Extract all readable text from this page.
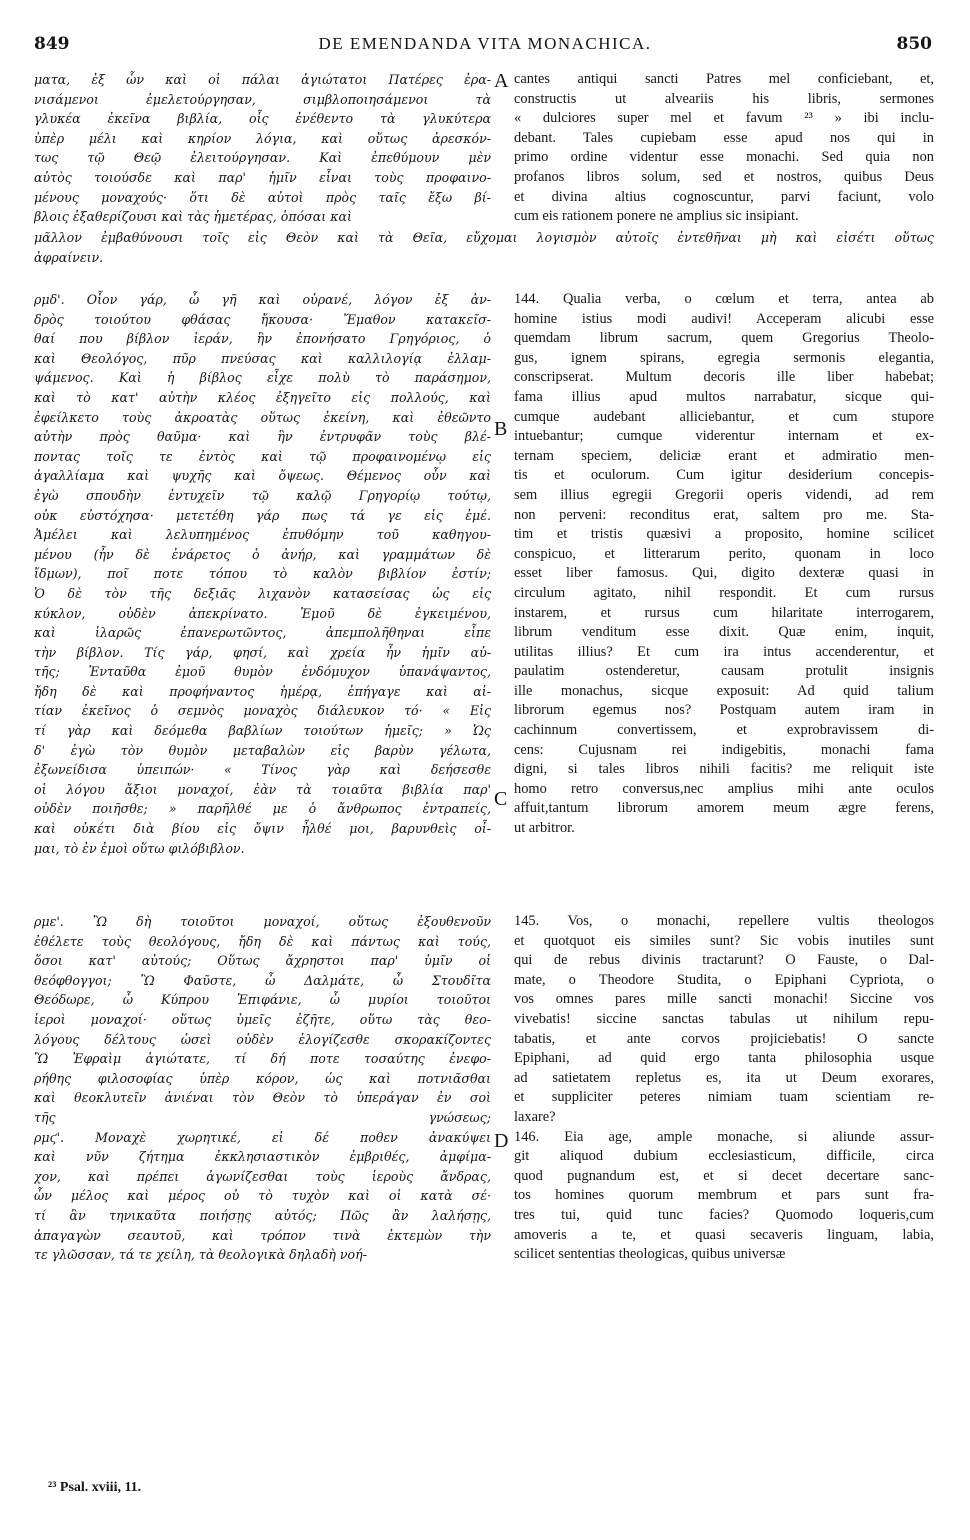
849	DE EMENDANDA VITA MONACHICA.	850
A
B
C
D
ματα, ἐξ ὧν καὶ οἱ πάλαι ἁγιώτατοι Πατέρες ἐρα-
νισάμενοι ἐμελετούργησαν, σιμβλοποιησάμενοι τὰ
γλυκέα ἐκεῖνα βιβλία, οἷς ἐνέθεντο τὰ γλυκύτερα
ὑπὲρ μέλι καὶ κηρίον λόγια, καὶ οὕτως ἀρεσκόν-
τως τῷ Θεῷ ἐλειτούργησαν. Καὶ ἐπεθύμουν μὲν
αὐτὸς τοιούσδε καὶ παρ' ἡμῖν εἶναι τοὺς προφαινο-
μένους μοναχούς· ὅτι δὲ αὐτοὶ πρὸς ταῖς ἔξω βί-
βλοις ἐξαθερίζουσι καὶ τὰς ἡμετέρας, ὁπόσαι καὶ
cantes antiqui sancti Patres mel conficiebant, et,
constructis ut alveariis his libris, sermones
« dulciores super mel et favum ²³ » ibi inclu-
debant. Tales cupiebam esse apud nos qui in
primo ordine videntur esse monachi. Sed quia non
profanos libros solum, sed et nostros, quibus Deus
et divina altius cognoscuntur, parvi faciunt, volo
cum eis rationem ponere ne amplius sic insipiant.
μᾶλλον ἐμβαθύνουσι τοῖς εἰς Θεὸν καὶ τὰ Θεῖα, εὔχομαι λογισμὸν αὐτοῖς ἐντεθῆναι μὴ καὶ εἰσέτι οὕτως
ἀφραίνειν.
ρμδ'. Οἷον γάρ, ὦ γῆ καὶ οὐρανέ, λόγον ἐξ ἀν-
δρὸς τοιούτου φθάσας ἤκουσα· Ἔμαθον κατακεῖσ-
θαί που βίβλον ἱεράν, ἣν ἐπονήσατο Γρηγόριος, ὁ
καὶ Θεολόγος, πῦρ πνεύσας καὶ καλλιλογίᾳ ἐλλαμ-
ψάμενος. Καὶ ἡ βίβλος εἶχε πολὺ τὸ παράσημον,
καὶ τὸ κατ' αὐτὴν κλέος ἐξηγεῖτο εἰς πολλούς, καὶ
ἐφείλκετο τοὺς ἀκροατὰς οὕτως ἐκείνη, καὶ ἐθεῶντο
αὐτὴν πρὸς θαῦμα· καὶ ἣν ἐντρυφᾶν τοὺς βλέ-
ποντας τοῖς τε ἐντὸς καὶ τῷ προφαινομένῳ εἰς
ἀγαλλίαμα καὶ ψυχῆς καὶ ὄψεως. Θέμενος οὖν καὶ
ἐγὼ σπουδὴν ἐντυχεῖν τῷ καλῷ Γρηγορίῳ τούτῳ,
οὐκ εὐστόχησα· μετετέθη γάρ πως τά γε εἰς ἐμέ.
Ἀμέλει καὶ λελυπημένος ἐπυθόμην τοῦ καθηγου-
μένου (ἦν δὲ ἐνάρετος ὁ ἀνήρ, καὶ γραμμάτων δὲ
ἴδμων), ποῖ ποτε τόπου τὸ καλὸν βιβλίον ἐστίν;
Ὁ δὲ τὸν τῆς δεξιᾶς λιχανὸν κατασείσας ὡς εἰς
κύκλον, οὐδὲν ἀπεκρίνατο. Ἐμοῦ δὲ ἐγκειμένου,
καὶ ἱλαρῶς ἐπανερωτῶντος, ἀπεμπολῆθηναι εἶπε
τὴν βίβλον. Τίς γάρ, φησί, καὶ χρεία ἦν ἡμῖν αὐ-
τῆς; Ἐνταῦθα ἐμοῦ θυμὸν ἐνδόμυχον ὑπανάψαντος,
ἤδη δὲ καὶ προφήναντος ἡμέρᾳ, ἐπήγαγε καὶ αἰ-
τίαν ἐκεῖνος ὁ σεμνὸς μοναχὸς διάλευκον τό· « Εἰς
τί γὰρ καὶ δεόμεθα βαβλίων τοιούτων ἡμεῖς; » Ὡς
δ' ἐγὼ τὸν θυμὸν μεταβαλὼν εἰς βαρὺν γέλωτα,
ἐξωνείδισα ὑπειπών· « Τίνος γὰρ καὶ δεήσεσθε
οἱ λόγου ἄξιοι μοναχοί, ἐὰν τὰ τοιαῦτα βιβλία παρ'
οὐδὲν ποιῆσθε; » παρῆλθέ με ὁ ἄνθρωπος ἐντραπείς,
καὶ οὐκέτι διὰ βίου εἰς ὄψιν ἦλθέ μοι, βαρυνθεὶς οἶ-
μαι, τὸ ἐν ἐμοὶ οὕτω φιλόβιβλον.
144. Qualia verba, o cœlum et terra, antea ab
homine istius modi audivi! Acceperam alicubi esse
quemdam librum sacrum, quem Gregorius Theolo-
gus, ignem spirans, egregia sermonis elegantia,
conscripserat. Multum decoris ille liber habebat;
fama illius apud multos narrabatur, sicque qui-
cumque audebant alliciebantur, et cum stupore
intuebantur; cumque viderentur internam et ex-
ternam speciem, deliciæ erant et admiratio men-
tis et oculorum. Cum igitur desiderium concepis-
sem illius egregii Gregorii operis videndi, ad rem
non perveni: reconditus erat, saltem pro me. Sta-
tim et tristis quæsivi a proposito, homine scilicet
conspicuo, et litterarum perito, quonam in loco
esset liber famosus. Qui, digito dexteræ quasi in
circulum agitato, nihil respondit. Et cum rursus
instarem, et rursus cum hilaritate interrogarem,
librum venditum esse dixit. Quæ enim, inquit,
utilitas illius? Et cum ira intus accenderentur, et
paulatim ostenderetur, causam protulit insignis
ille monachus, sicque exposuit: Ad quid talium
librorum egemus nos? Postquam autem iram in
cachinnum convertissem, et exprobravissem di-
cens: Cujusnam rei indigebitis, monachi fama
digni, si tales libros nihili facitis? me reliquit iste
homo retro conversus,nec amplius mihi ante oculos
affuit,tantum librorum amorem meum ægre ferens,
ut arbitror.
ρμε'. Ὢ δὴ τοιοῦτοι μοναχοί, οὕτως ἐξουθενοῦν
ἐθέλετε τοὺς θεολόγους, ἤδη δὲ καὶ πάντως καὶ τούς,
ὅσοι κατ' αὐτούς; Οὕτως ἄχρηστοι παρ' ὑμῖν οἱ
θεόφθογγοι; Ὢ Φαῦστε, ὦ Δαλμάτε, ὦ Στουδῖτα
Θεόδωρε, ὦ Κύπρου Ἐπιφάνιε, ὦ μυρίοι τοιοῦτοι
ἱεροὶ μοναχοί· οὕτως ὑμεῖς ἐζῆτε, οὕτω τὰς θεο-
λόγους δέλτους ὡσεὶ οὐδὲν ἐλογίζεσθε σκορακίζοντες
Ὢ Ἐφραὶμ ἁγιώτατε, τί δή ποτε τοσαύτης ἐνεφο-
ρήθης φιλοσοφίας ὑπὲρ κόρον, ὡς καὶ ποτνιᾶσθαι
καὶ θεοκλυτεῖν ἀνιέναι τὸν Θεὸν τὸ ὑπεράγαν ἐν σοὶ
τῆς γνώσεως;
ρμϛ'. Μοναχὲ χωρητικέ, εἰ δέ ποθεν ἀνακύψει
καὶ νῦν ζήτημα ἐκκλησιαστικὸν ἐμβριθές, ἀμφίμα-
χον, καὶ πρέπει ἀγωνίζεσθαι τοὺς ἱεροὺς ἄνδρας,
ὧν μέλος καὶ μέρος οὐ τὸ τυχὸν καὶ οἱ κατὰ σέ·
τί ἂν τηνικαῦτα ποιήσῃς αὐτός; Πῶς ἂν λαλήσῃς,
ἀπαγαγὼν σεαυτοῦ, καὶ τρόπον τινὰ ἐκτεμὼν τὴν
τε γλῶσσαν, τά τε χείλη, τὰ θεολογικὰ δηλαδὴ νοή-
145. Vos, o monachi, repellere vultis theologos
et quotquot eis similes sunt? Sic vobis inutiles sunt
qui de rebus divinis tractarunt? O Fauste, o Dal-
mate, o Theodore Studita, o Epiphani Cypriota, o
vos omnes pares mille sancti monachi! Siccine vos
vivebatis! siccine sanctas tabulas ut nihilum repu-
tabatis, et ante corvos projiciebatis! O sancte
Epiphani, ad quid ergo tanta philosophia usque
ad satietatem repletus es, ita ut Deum exorares,
et suppliciter peteres nimiam tuam scientiam re-
laxare?
146. Eia age, ample monache, si aliunde assur-
git aliquod dubium ecclesiasticum, difficile, circa
quod pugnandum est, et si decet decertare sanc-
tos homines quorum membrum et pars sunt fra-
tres tui, quid tunc facies? Quomodo loqueris,cum
amoveris a te, et quasi secaveris linguam, labia,
scilicet sententias theologicas, quibus universæ
²³ Psal. xviii, 11.
